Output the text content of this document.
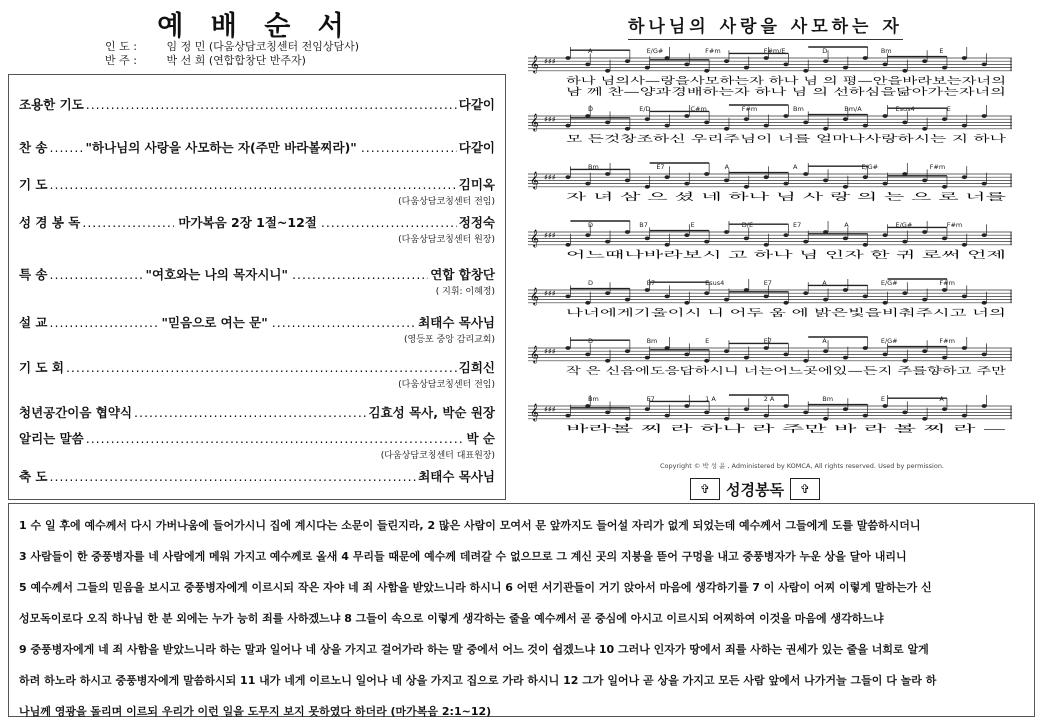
예 배 순 서
인 도 :	임 정 민 (다움상담코칭센터 전임상담사)
반 주 :	박 선 희 (연합합창단 반주자)
조용한 기도 .....	다같이
찬 송 .....	"하나님의 사랑을 사모하는 자(주만 바라볼찌라)" .....	다같이
기 도 .....	김미옥
(다움상담코칭센터 전임)
성 경 봉 독 .....	마가복음 2장 1절~12절 .....	정정숙
(다움상담코칭센터 원장)
특 송 .....	"여호와는 나의 목자시니" .....	연합 합창단
( 지휘: 이혜정)
설 교 .....	"믿음으로 여는 문" .....	최태수 목사님
(영등포 중앙 감리교회)
기 도 회 .....	김희신
(다움상담코칭센터 전임)
청년공간이음 협약식 .....	김효성 목사, 박순 원장
알리는 말씀 .....	박 순
(다움상담코칭센터 대표원장)
축 도 .....	최태수 목사님
하나님의 사랑을 사모하는 자
𝄞 ♯♯♯
A	E/G#	F#m	F#m/E	D	Bm	E
하나 님의사—랑을사모하는자 하나 님 의 평—안을바라보는자너의
남 께 찬—양과경배하는자 하나 님 의 선하심을닮아가는자너의
𝄞 ♯♯♯
D	E/D	C#m	F#m	Bm	Bm/A	Esus4	E
모 든것창조하신 우리주님이 너를 얼마나사랑하시는 지 하나
𝄞 ♯♯♯
Bm	E7	A	A	E/G#	F#m
자 녀 삼 으 셨 네 하나 님 사 랑 의 는 으 로 너를
𝄞 ♯♯♯
D	B7	E	D/E	E7	A	E/G#	F#m
어느때나바라보시 고 하나 님 인자 한 귀 로써 언제
𝄞 ♯♯♯
D	B7	Esus4	E7	A	E/G#	F#m
나너에게기울이시 니 어두 움 에 밝은빛을비춰주시고 너의
𝄞 ♯♯♯
D	Bm	E	E7	A	E/G#	F#m
작 은 신음에도응답하시니 너는어느곳에있—든지 주를향하고 주만
𝄞 ♯♯♯
Bm	E7	1 A	2 A	Bm	E	A
바라볼 찌 라 하나 라 주만 바 라 볼 찌 라 —
Copyright © 박 성 윤 , Administered by KOMCA, All rights reserved. Used by permission.
✞	성경봉독	✞
1 수 일 후에 예수께서 다시 가버나움에 들어가시니 집에 계시다는 소문이 들린지라, 2 많은 사람이 모여서 문 앞까지도 들어설 자리가 없게 되었는데 예수께서 그들에게 도를 말씀하시더니
3 사람들이 한 중풍병자를 네 사람에게 메워 가지고 예수께로 올새 4 무리들 때문에 예수께 데려갈 수 없으므로 그 계신 곳의 지붕을 뜯어 구멍을 내고 중풍병자가 누운 상을 달아 내리니
5 예수께서 그들의 믿음을 보시고 중풍병자에게 이르시되 작은 자야 네 죄 사함을 받았느니라 하시니 6 어떤 서기관들이 거기 앉아서 마음에 생각하기를 7 이 사람이 어찌 이렇게 말하는가 신
성모독이로다 오직 하나님 한 분 외에는 누가 능히 죄를 사하겠느냐 8 그들이 속으로 이렇게 생각하는 줄을 예수께서 곧 중심에 아시고 이르시되 어찌하여 이것을 마음에 생각하느냐
9 중풍병자에게 네 죄 사함을 받았느니라 하는 말과 일어나 네 상을 가지고 걸어가라 하는 말 중에서 어느 것이 쉽겠느냐 10 그러나 인자가 땅에서 죄를 사하는 권세가 있는 줄을 너희로 알게
하려 하노라 하시고 중풍병자에게 말씀하시되 11 내가 네게 이르노니 일어나 네 상을 가지고 집으로 가라 하시니 12 그가 일어나 곧 상을 가지고 모든 사람 앞에서 나가거늘 그들이 다 놀라 하
나님께 영광을 돌리며 이르되 우리가 이런 일을 도무지 보지 못하였다 하더라 (마가복음 2:1~12)
